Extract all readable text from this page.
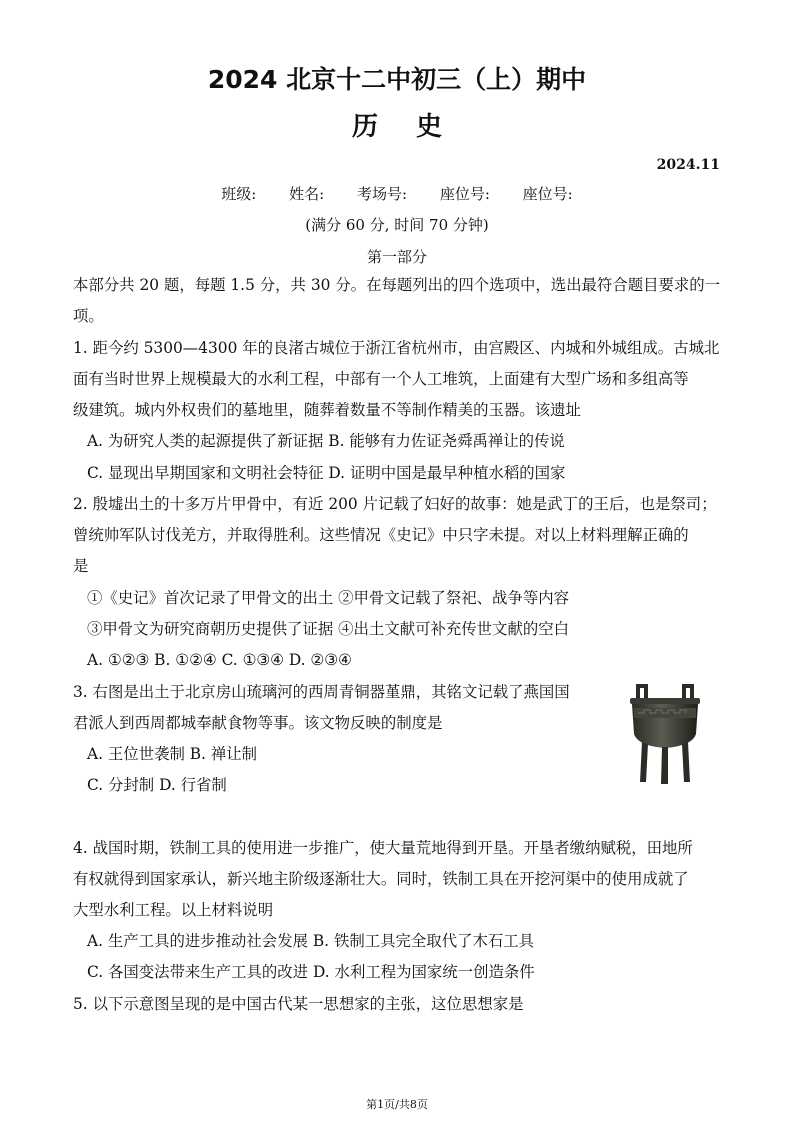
2024 北京十二中初三（上）期中
历史
2024.11
班级: 姓名: 考场号: 座位号: 座位号:
(满分 60 分, 时间 70 分钟)
第一部分
本部分共 20 题，每题 1.5 分，共 30 分。在每题列出的四个选项中，选出最符合题目要求的一
项。
1. 距今约 5300—4300 年的良渚古城位于浙江省杭州市，由宫殿区、内城和外城组成。古城北
面有当时世界上规模最大的水利工程，中部有一个人工堆筑，上面建有大型广场和多组高等
级建筑。城内外权贵们的墓地里，随葬着数量不等制作精美的玉器。该遗址
A. 为研究人类的起源提供了新证据 B. 能够有力佐证尧舜禹禅让的传说
C. 显现出早期国家和文明社会特征 D. 证明中国是最早种植水稻的国家
2. 殷墟出土的十多万片甲骨中，有近 200 片记载了妇好的故事：她是武丁的王后，也是祭司；
曾统帅军队讨伐羌方，并取得胜利。这些情况《史记》中只字未提。对以上材料理解正确的
是
①《史记》首次记录了甲骨文的出土 ②甲骨文记载了祭祀、战争等内容
③甲骨文为研究商朝历史提供了证据 ④出土文献可补充传世文献的空白
A. ①②③ B. ①②④ C. ①③④ D. ②③④
3. 右图是出土于北京房山琉璃河的西周青铜器堇鼎，其铭文记载了燕国国
君派人到西周都城奉献食物等事。该文物反映的制度是
A. 王位世袭制 B. 禅让制
C. 分封制 D. 行省制
4. 战国时期，铁制工具的使用进一步推广，使大量荒地得到开垦。开垦者缴纳赋税，田地所
有权就得到国家承认，新兴地主阶级逐渐壮大。同时，铁制工具在开挖河渠中的使用成就了
大型水利工程。以上材料说明
A. 生产工具的进步推动社会发展 B. 铁制工具完全取代了木石工具
C. 各国变法带来生产工具的改进 D. 水利工程为国家统一创造条件
5. 以下示意图呈现的是中国古代某一思想家的主张，这位思想家是
第1页/共8页
